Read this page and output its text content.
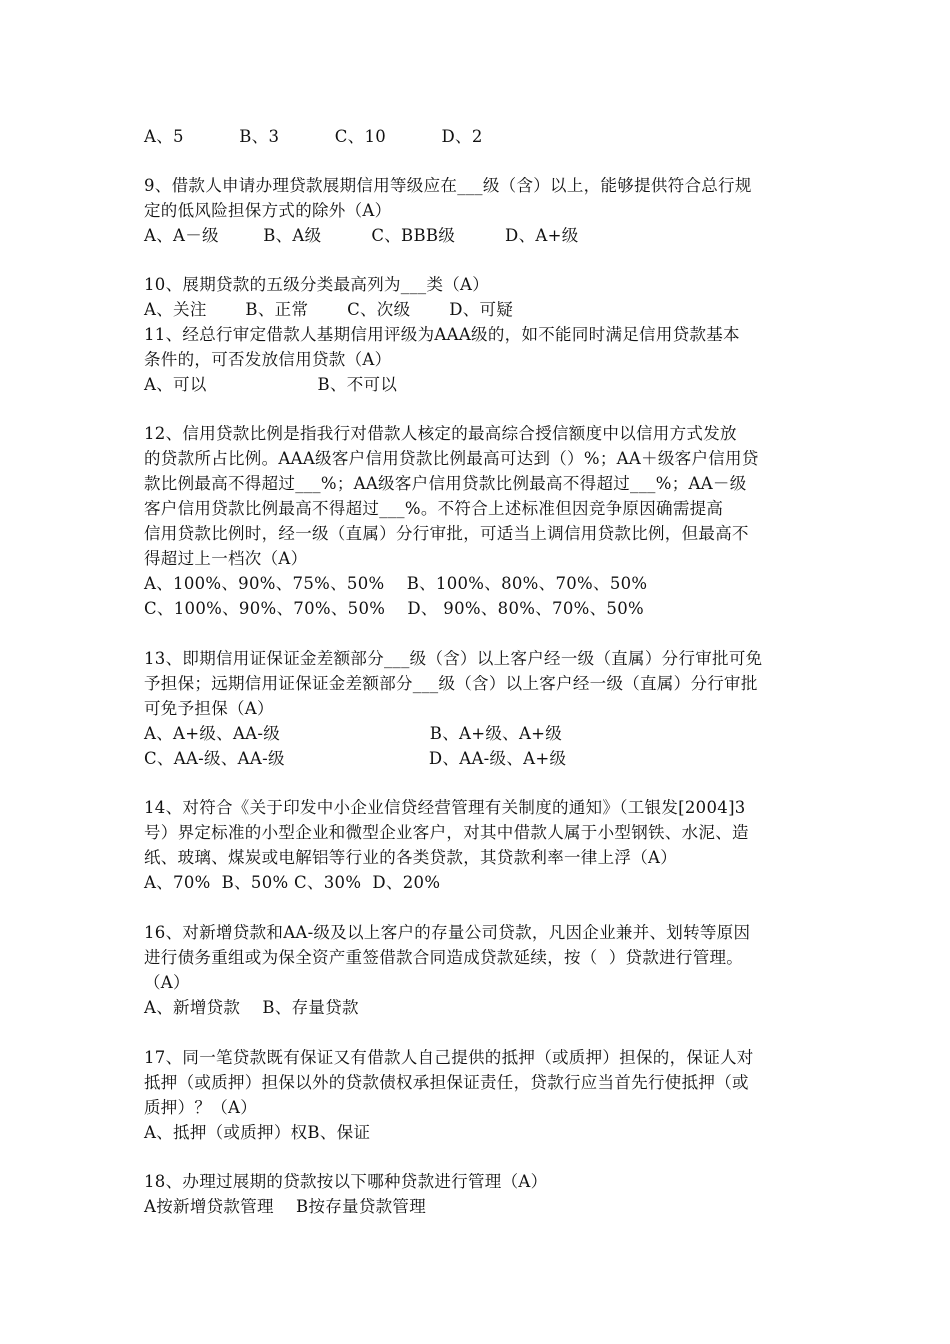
A、5          B、3          C、10          D、2
9、借款人申请办理贷款展期信用等级应在___级（含）以上，能够提供符合总行规
定的低风险担保方式的除外（A）
A、A－级        B、A级         C、BBB级         D、A+级
10、展期贷款的五级分类最高列为___类（A）
A、关注       B、正常       C、次级       D、可疑
11、经总行审定借款人基期信用评级为AAA级的，如不能同时满足信用贷款基本
条件的，可否发放信用贷款（A）
A、可以                    B、不可以
12、信用贷款比例是指我行对借款人核定的最高综合授信额度中以信用方式发放
的贷款所占比例。AAA级客户信用贷款比例最高可达到（）%；AA＋级客户信用贷
款比例最高不得超过___%；AA级客户信用贷款比例最高不得超过___%；AA－级
客户信用贷款比例最高不得超过___%。不符合上述标准但因竞争原因确需提高
信用贷款比例时，经一级（直属）分行审批，可适当上调信用贷款比例，但最高不
得超过上一档次（A）
A、100%、90%、75%、50%    B、100%、80%、70%、50%
C、100%、90%、70%、50%    D、 90%、80%、70%、50%
13、即期信用证保证金差额部分___级（含）以上客户经一级（直属）分行审批可免
予担保；远期信用证保证金差额部分___级（含）以上客户经一级（直属）分行审批
可免予担保（A）
A、A+级、AA-级                           B、A+级、A+级
C、AA-级、AA-级                          D、AA-级、A+级
14、对符合《关于印发中小企业信贷经营管理有关制度的通知》（工银发[2004]3
号）界定标准的小型企业和微型企业客户，对其中借款人属于小型钢铁、水泥、造
纸、玻璃、煤炭或电解铝等行业的各类贷款，其贷款利率一律上浮（A）
A、70%  B、50% C、30%  D、20%
16、对新增贷款和AA-级及以上客户的存量公司贷款，凡因企业兼并、划转等原因
进行债务重组或为保全资产重签借款合同造成贷款延续，按（  ）贷款进行管理。
（A）
A、新增贷款    B、存量贷款
17、同一笔贷款既有保证又有借款人自己提供的抵押（或质押）担保的，保证人对
抵押（或质押）担保以外的贷款债权承担保证责任，贷款行应当首先行使抵押（或
质押）？（A）
A、抵押（或质押）权B、保证
18、办理过展期的贷款按以下哪种贷款进行管理（A）
A按新增贷款管理    B按存量贷款管理
